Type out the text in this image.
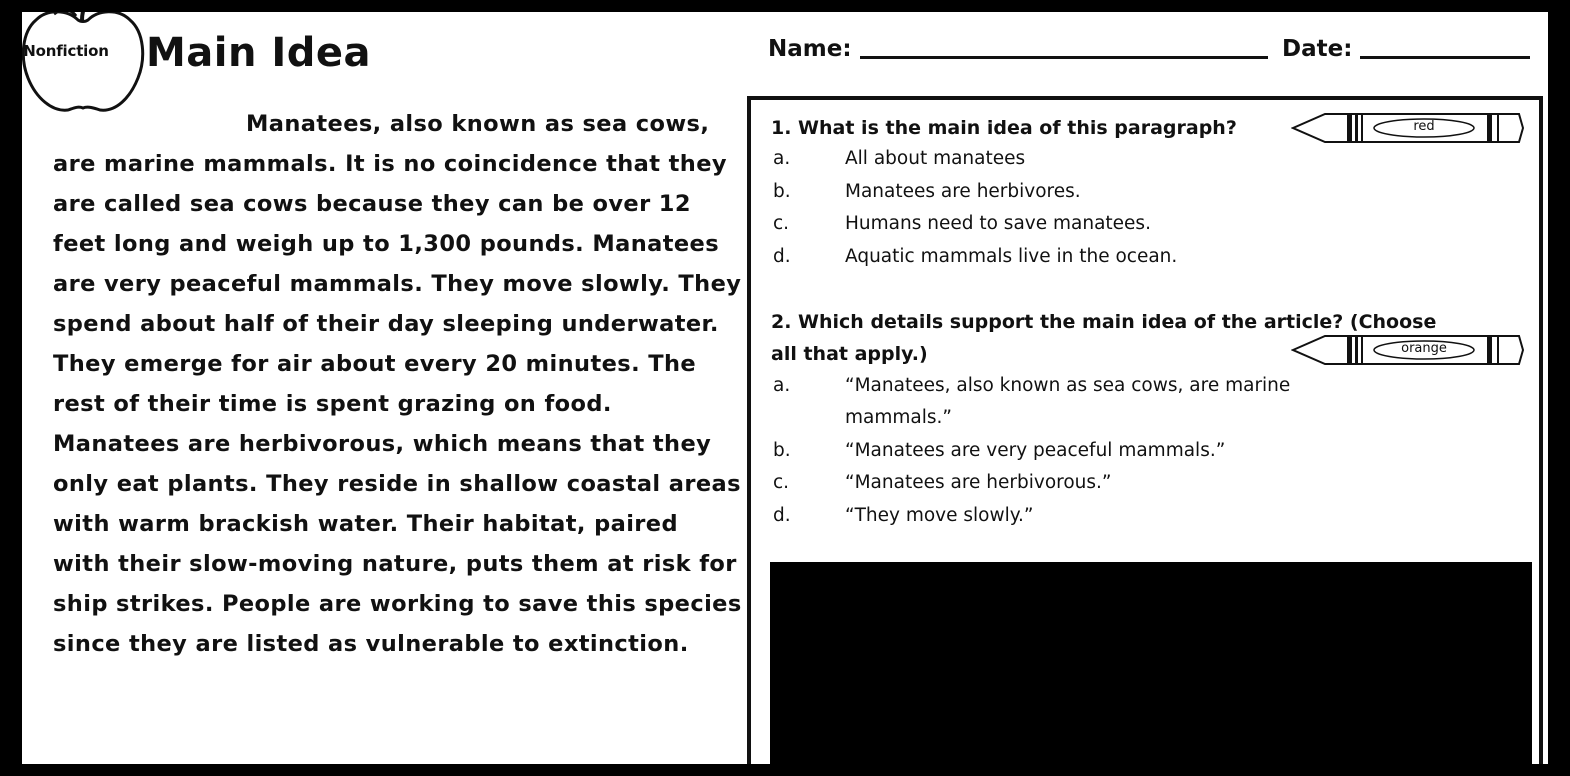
Nonfiction Main Idea	Name:	Date:

Manatees, also known as sea cows, are marine mammals. It is no coincidence that they are called sea cows because they can be over 12 feet long and weigh up to 1,300 pounds. Manatees are very peaceful mammals. They move slowly. They spend about half of their day sleeping underwater. They emerge for air about every 20 minutes. The rest of their time is spent grazing on food. Manatees are herbivorous, which means that they only eat plants. They reside in shallow coastal areas with warm brackish water. Their habitat, paired with their slow-moving nature, puts them at risk for ship strikes. People are working to save this species since they are listed as vulnerable to extinction.

1. What is the main idea of this paragraph?	red
a.	All about manatees
b.	Manatees are herbivores.
c.	Humans need to save manatees.
d.	Aquatic mammals live in the ocean.
2. Which details support the main idea of the article? (Choose
all that apply.)	orange
a.	“Manatees, also known as sea cows, are marine mammals.”
b.	“Manatees are very peaceful mammals.”
c.	“Manatees are herbivorous.”
d.	“They move slowly.”
